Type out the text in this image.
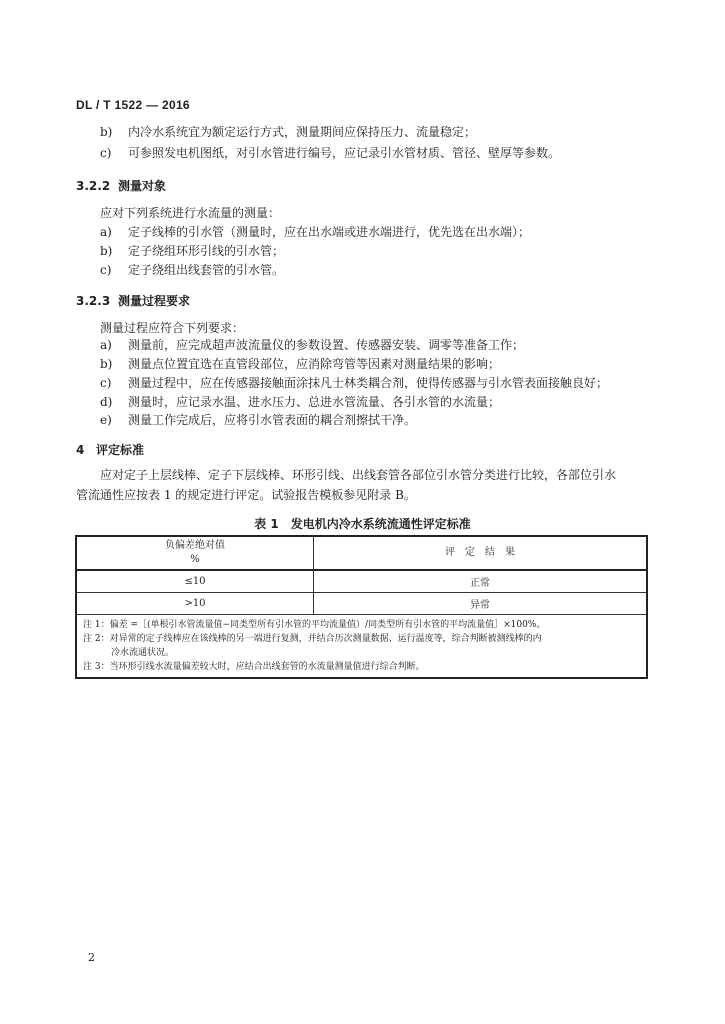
DL / T 1522 — 2016
b) 内冷水系统宜为额定运行方式，测量期间应保持压力、流量稳定；
c) 可参照发电机图纸，对引水管进行编号，应记录引水管材质、管径、壁厚等参数。
3.2.2 测量对象
应对下列系统进行水流量的测量：
a) 定子线棒的引水管（测量时，应在出水端或进水端进行，优先选在出水端）；
b) 定子绕组环形引线的引水管；
c) 定子绕组出线套管的引水管。
3.2.3 测量过程要求
测量过程应符合下列要求：
a) 测量前，应完成超声波流量仪的参数设置、传感器安装、调零等准备工作；
b) 测量点位置宜选在直管段部位，应消除弯管等因素对测量结果的影响；
c) 测量过程中，应在传感器接触面涂抹凡士林类耦合剂，使得传感器与引水管表面接触良好；
d) 测量时，应记录水温、进水压力、总进水管流量、各引水管的水流量；
e) 测量工作完成后，应将引水管表面的耦合剂擦拭干净。
4 评定标准
应对定子上层线棒、定子下层线棒、环形引线、出线套管各部位引水管分类进行比较，各部位引水
管流通性应按表 1 的规定进行评定。试验报告模板参见附录 B。
表 1　发电机内冷水系统流通性评定标准
负偏差绝对值
%	评　定　结　果
≤10	正常
>10	异常

注 1：偏差 =［(单根引水管流量值−同类型所有引水管的平均流量值）/同类型所有引水管的平均流量值］×100%。
注 2：对异常的定子线棒应在该线棒的另一端进行复测，并结合历次测量数据、运行温度等，综合判断被测线棒的内
冷水流通状况。
注 3：当环形引线水流量偏差较大时，应结合出线套管的水流量测量值进行综合判断。	
2
